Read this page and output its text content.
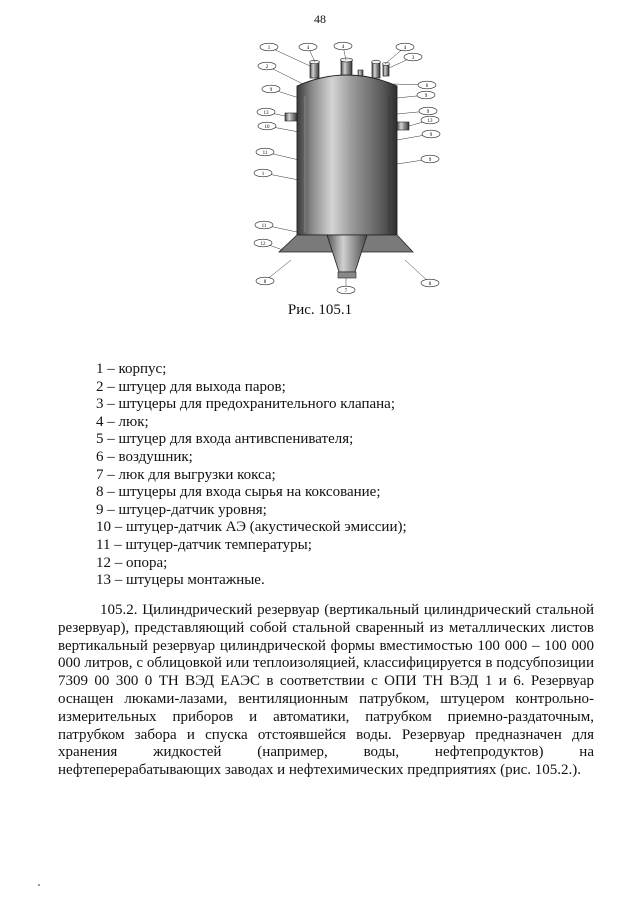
48
4	4	4
1
3
2
6
9
9
9
13
13
10
9
11
9
1
11
12
8	8
7
Рис. 105.1
1 – корпус;
2 – штуцер для выхода паров;
3 – штуцеры для предохранительного клапана;
4 – люк;
5 – штуцер для входа антивспенивателя;
6 – воздушник;
7 – люк для выгрузки кокса;
8 – штуцеры для входа сырья на коксование;
9 – штуцер-датчик уровня;
10 – штуцер-датчик АЭ (акустической эмиссии);
11 – штуцер-датчик температуры;
12 – опора;
13 – штуцеры монтажные.

105.2. Цилиндрический резервуар (вертикальный цилиндрический стальной резервуар), представляющий собой стальной сваренный из металлических листов вертикальный резервуар цилиндрической формы вместимостью 100 000 – 100 000 000 литров, с облицовкой или теплоизоляцией, классифицируется в подсубпозиции 7309 00 300 0 ТН ВЭД ЕАЭС в соответствии с ОПИ ТН ВЭД 1 и 6. Резервуар оснащен люками-лазами, вентиляционным патрубком, штуцером контрольно-измерительных приборов и автоматики, патрубком приемно-раздаточным, патрубком забора и спуска отстоявшейся воды. Резервуар предназначен для хранения жидкостей (например, воды, нефтепродуктов) на нефтеперерабатывающих заводах и нефтехимических предприятиях (рис. 105.2.).
